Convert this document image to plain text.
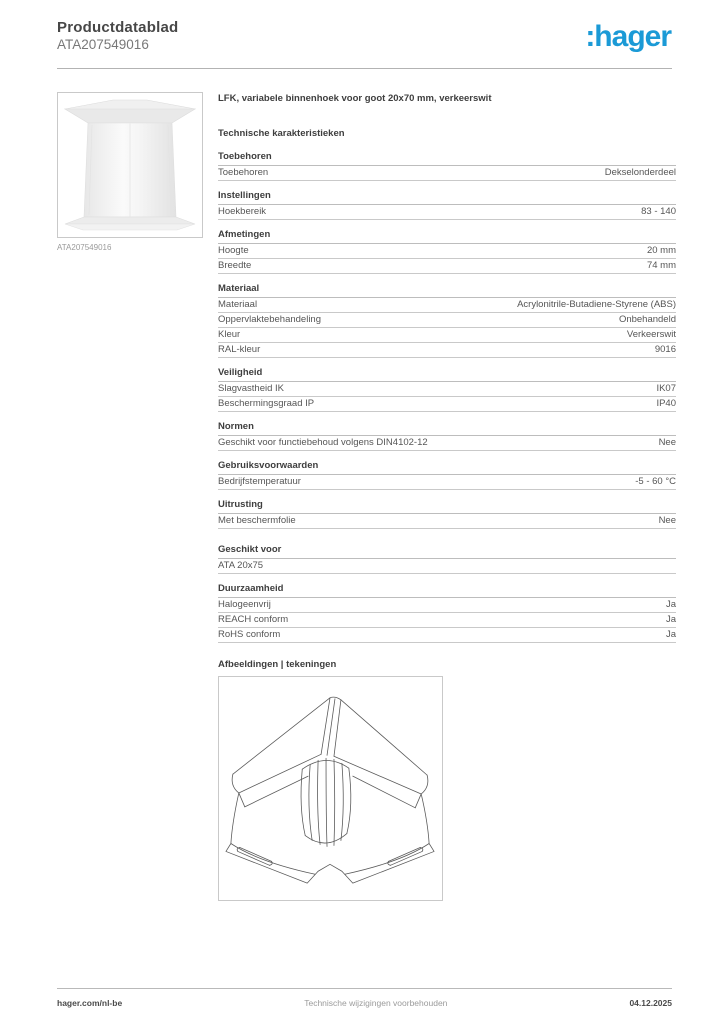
Productdatablad
ATA207549016	:hager
ATA207549016
LFK, variabele binnenhoek voor goot 20x70 mm, verkeerswit
Technische karakteristieken
Toebehoren
Toebehoren	Dekselonderdeel
Instellingen
Hoekbereik	83 - 140
Afmetingen
Hoogte	20 mm
Breedte	74 mm
Materiaal
Materiaal	Acrylonitrile-Butadiene-Styrene (ABS)
Oppervlaktebehandeling	Onbehandeld
Kleur	Verkeerswit
RAL-kleur	9016
Veiligheid
Slagvastheid IK	IK07
Beschermingsgraad IP	IP40
Normen
Geschikt voor functiebehoud volgens DIN4102-12	Nee
Gebruiksvoorwaarden
Bedrijfstemperatuur	-5 - 60 °C
Uitrusting
Met beschermfolie	Nee
Geschikt voor
ATA 20x75
Duurzaamheid
Halogeenvrij	Ja
REACH conform	Ja
RoHS conform	Ja
Afbeeldingen | tekeningen
hager.com/nl-be	Technische wijzigingen voorbehouden	04.12.2025
